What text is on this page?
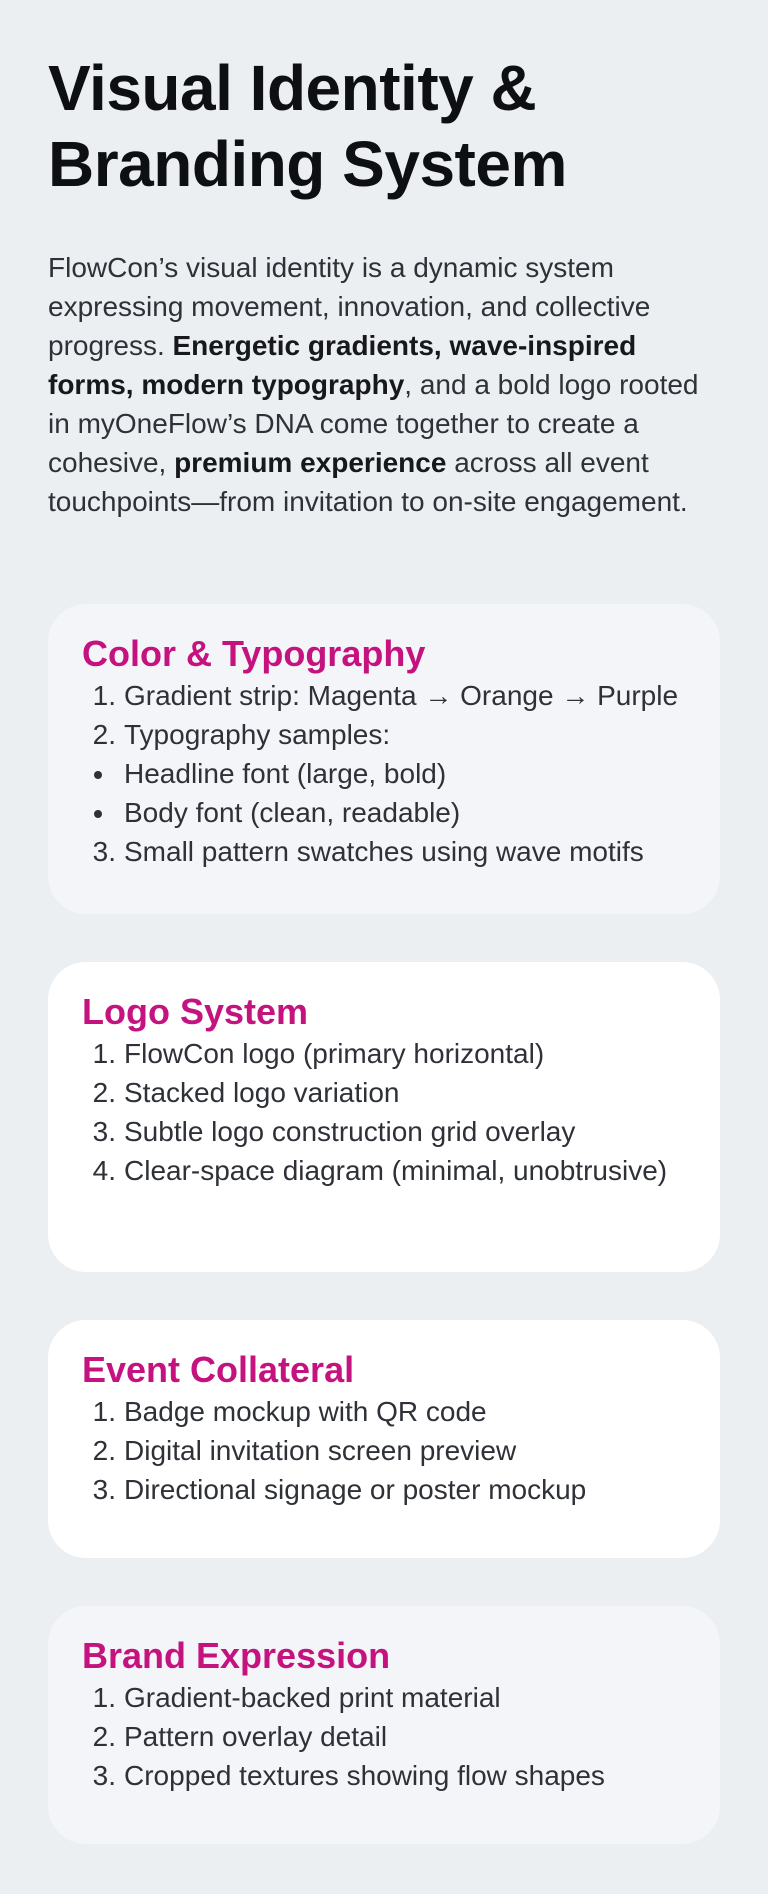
Visual Identity & Branding System

FlowCon’s visual identity is a dynamic system expressing movement, innovation, and collective progress. Energetic gradients, wave-inspired forms, modern typography, and a bold logo rooted in myOneFlow’s DNA come together to create a cohesive, premium experience across all event touchpoints—from invitation to on-site engagement.

Color & Typography
1. Gradient strip: Magenta → Orange → Purple
2. Typography samples:
Headline font (large, bold)
Body font (clean, readable)
3. Small pattern swatches using wave motifs
Logo System
1. FlowCon logo (primary horizontal)
2. Stacked logo variation
3. Subtle logo construction grid overlay
4. Clear-space diagram (minimal, unobtrusive)
Event Collateral
1. Badge mockup with QR code
2. Digital invitation screen preview
3. Directional signage or poster mockup
Brand Expression
1. Gradient-backed print material
2. Pattern overlay detail
3. Cropped textures showing flow shapes
